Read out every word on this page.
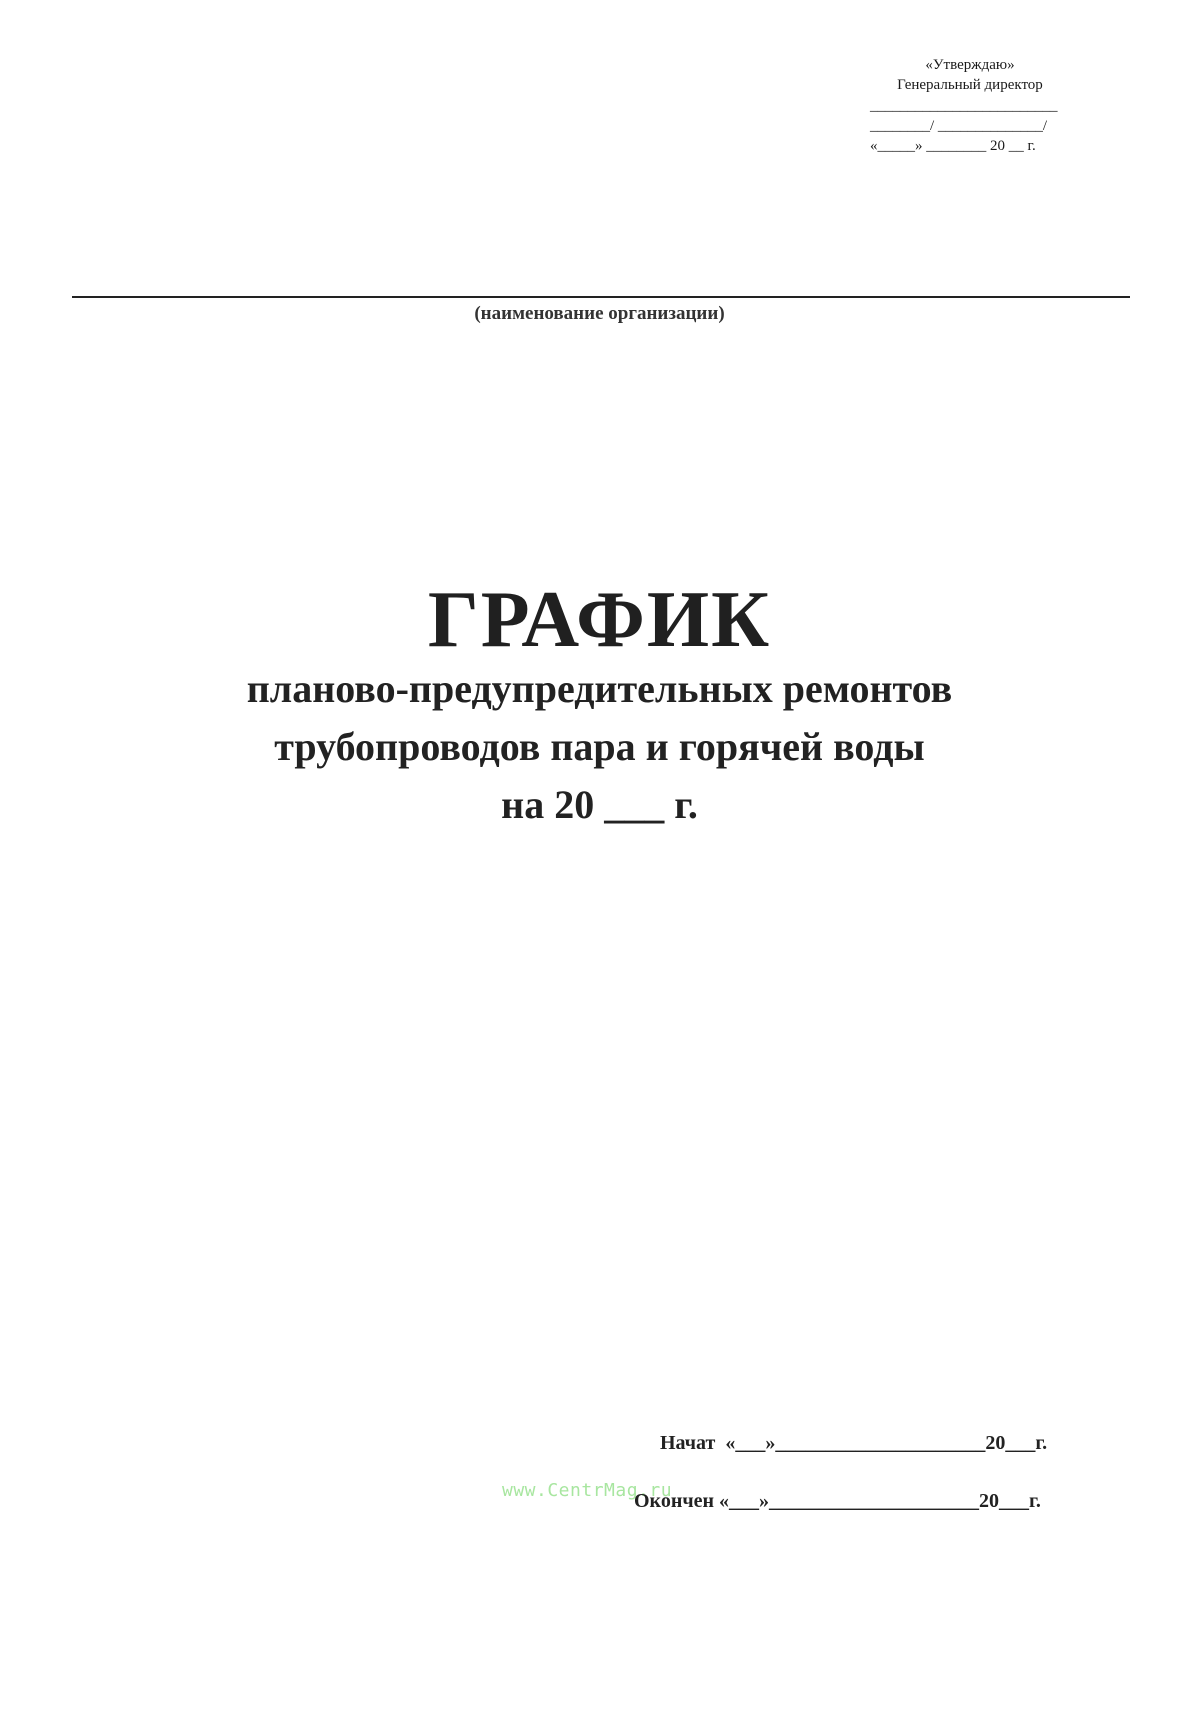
«Утверждаю»
Генеральный директор
_________________________
________/ ______________/
«_____» ________ 20 __ г.
(наименование организации)
ГРАФИК
планово-предупредительных ремонтов
трубопроводов пара и горячей воды
на 20 ___ г.
Начат  «___»_____________________20___г.
www.CentrMag.ru
Окончен «___»_____________________20___г.
